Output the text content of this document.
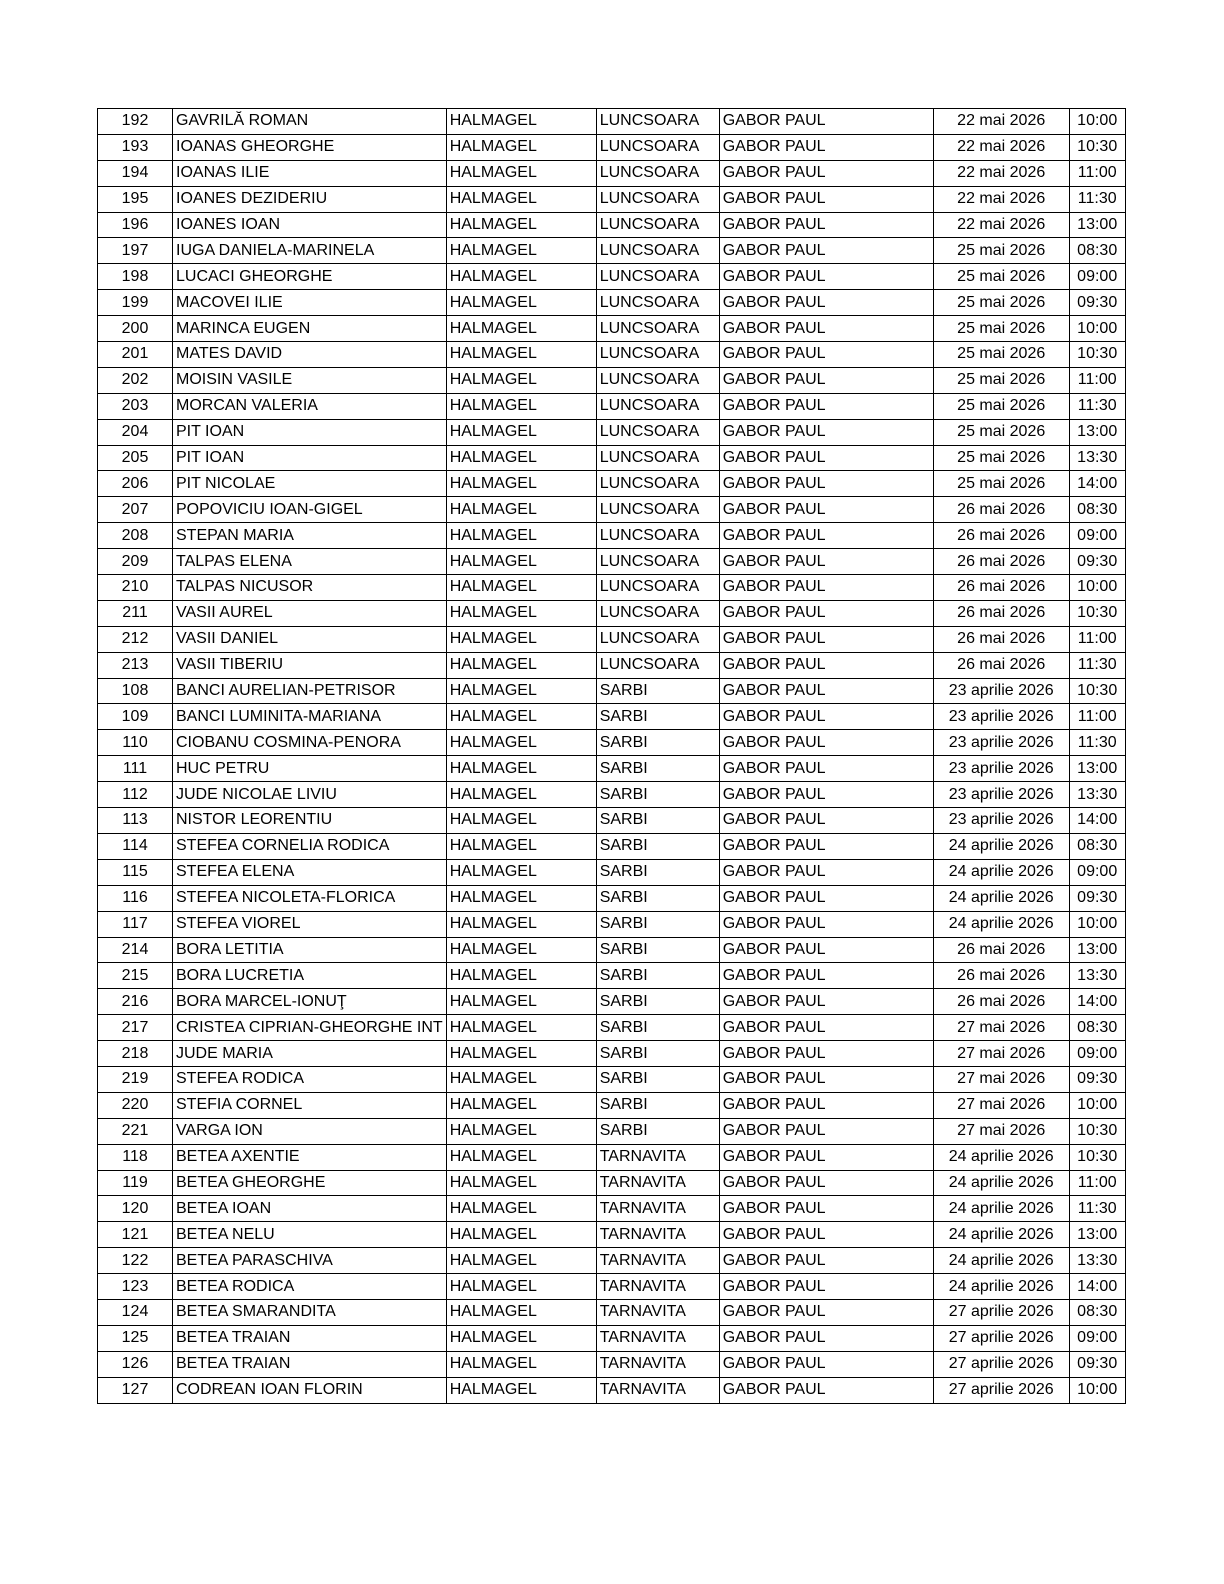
192	GAVRILĂ ROMAN	HALMAGEL	LUNCSOARA	GABOR PAUL	22 mai 2026	10:00
193	IOANAS GHEORGHE	HALMAGEL	LUNCSOARA	GABOR PAUL	22 mai 2026	10:30
194	IOANAS ILIE	HALMAGEL	LUNCSOARA	GABOR PAUL	22 mai 2026	11:00
195	IOANES DEZIDERIU	HALMAGEL	LUNCSOARA	GABOR PAUL	22 mai 2026	11:30
196	IOANES IOAN	HALMAGEL	LUNCSOARA	GABOR PAUL	22 mai 2026	13:00
197	IUGA DANIELA-MARINELA	HALMAGEL	LUNCSOARA	GABOR PAUL	25 mai 2026	08:30
198	LUCACI GHEORGHE	HALMAGEL	LUNCSOARA	GABOR PAUL	25 mai 2026	09:00
199	MACOVEI ILIE	HALMAGEL	LUNCSOARA	GABOR PAUL	25 mai 2026	09:30
200	MARINCA EUGEN	HALMAGEL	LUNCSOARA	GABOR PAUL	25 mai 2026	10:00
201	MATES DAVID	HALMAGEL	LUNCSOARA	GABOR PAUL	25 mai 2026	10:30
202	MOISIN VASILE	HALMAGEL	LUNCSOARA	GABOR PAUL	25 mai 2026	11:00
203	MORCAN VALERIA	HALMAGEL	LUNCSOARA	GABOR PAUL	25 mai 2026	11:30
204	PIT IOAN	HALMAGEL	LUNCSOARA	GABOR PAUL	25 mai 2026	13:00
205	PIT IOAN	HALMAGEL	LUNCSOARA	GABOR PAUL	25 mai 2026	13:30
206	PIT NICOLAE	HALMAGEL	LUNCSOARA	GABOR PAUL	25 mai 2026	14:00
207	POPOVICIU IOAN-GIGEL	HALMAGEL	LUNCSOARA	GABOR PAUL	26 mai 2026	08:30
208	STEPAN MARIA	HALMAGEL	LUNCSOARA	GABOR PAUL	26 mai 2026	09:00
209	TALPAS ELENA	HALMAGEL	LUNCSOARA	GABOR PAUL	26 mai 2026	09:30
210	TALPAS NICUSOR	HALMAGEL	LUNCSOARA	GABOR PAUL	26 mai 2026	10:00
211	VASII AUREL	HALMAGEL	LUNCSOARA	GABOR PAUL	26 mai 2026	10:30
212	VASII DANIEL	HALMAGEL	LUNCSOARA	GABOR PAUL	26 mai 2026	11:00
213	VASII TIBERIU	HALMAGEL	LUNCSOARA	GABOR PAUL	26 mai 2026	11:30
108	BANCI AURELIAN-PETRISOR	HALMAGEL	SARBI	GABOR PAUL	23 aprilie 2026	10:30
109	BANCI LUMINITA-MARIANA	HALMAGEL	SARBI	GABOR PAUL	23 aprilie 2026	11:00
110	CIOBANU COSMINA-PENORA	HALMAGEL	SARBI	GABOR PAUL	23 aprilie 2026	11:30
111	HUC PETRU	HALMAGEL	SARBI	GABOR PAUL	23 aprilie 2026	13:00
112	JUDE NICOLAE LIVIU	HALMAGEL	SARBI	GABOR PAUL	23 aprilie 2026	13:30
113	NISTOR LEORENTIU	HALMAGEL	SARBI	GABOR PAUL	23 aprilie 2026	14:00
114	STEFEA CORNELIA RODICA	HALMAGEL	SARBI	GABOR PAUL	24 aprilie 2026	08:30
115	STEFEA ELENA	HALMAGEL	SARBI	GABOR PAUL	24 aprilie 2026	09:00
116	STEFEA NICOLETA-FLORICA	HALMAGEL	SARBI	GABOR PAUL	24 aprilie 2026	09:30
117	STEFEA VIOREL	HALMAGEL	SARBI	GABOR PAUL	24 aprilie 2026	10:00
214	BORA LETITIA	HALMAGEL	SARBI	GABOR PAUL	26 mai 2026	13:00
215	BORA LUCRETIA	HALMAGEL	SARBI	GABOR PAUL	26 mai 2026	13:30
216	BORA MARCEL-IONUŢ	HALMAGEL	SARBI	GABOR PAUL	26 mai 2026	14:00
217	CRISTEA CIPRIAN-GHEORGHE INT	HALMAGEL	SARBI	GABOR PAUL	27 mai 2026	08:30
218	JUDE MARIA	HALMAGEL	SARBI	GABOR PAUL	27 mai 2026	09:00
219	STEFEA RODICA	HALMAGEL	SARBI	GABOR PAUL	27 mai 2026	09:30
220	STEFIA CORNEL	HALMAGEL	SARBI	GABOR PAUL	27 mai 2026	10:00
221	VARGA ION	HALMAGEL	SARBI	GABOR PAUL	27 mai 2026	10:30
118	BETEA AXENTIE	HALMAGEL	TARNAVITA	GABOR PAUL	24 aprilie 2026	10:30
119	BETEA GHEORGHE	HALMAGEL	TARNAVITA	GABOR PAUL	24 aprilie 2026	11:00
120	BETEA IOAN	HALMAGEL	TARNAVITA	GABOR PAUL	24 aprilie 2026	11:30
121	BETEA NELU	HALMAGEL	TARNAVITA	GABOR PAUL	24 aprilie 2026	13:00
122	BETEA PARASCHIVA	HALMAGEL	TARNAVITA	GABOR PAUL	24 aprilie 2026	13:30
123	BETEA RODICA	HALMAGEL	TARNAVITA	GABOR PAUL	24 aprilie 2026	14:00
124	BETEA SMARANDITA	HALMAGEL	TARNAVITA	GABOR PAUL	27 aprilie 2026	08:30
125	BETEA TRAIAN	HALMAGEL	TARNAVITA	GABOR PAUL	27 aprilie 2026	09:00
126	BETEA TRAIAN	HALMAGEL	TARNAVITA	GABOR PAUL	27 aprilie 2026	09:30
127	CODREAN IOAN FLORIN	HALMAGEL	TARNAVITA	GABOR PAUL	27 aprilie 2026	10:00
